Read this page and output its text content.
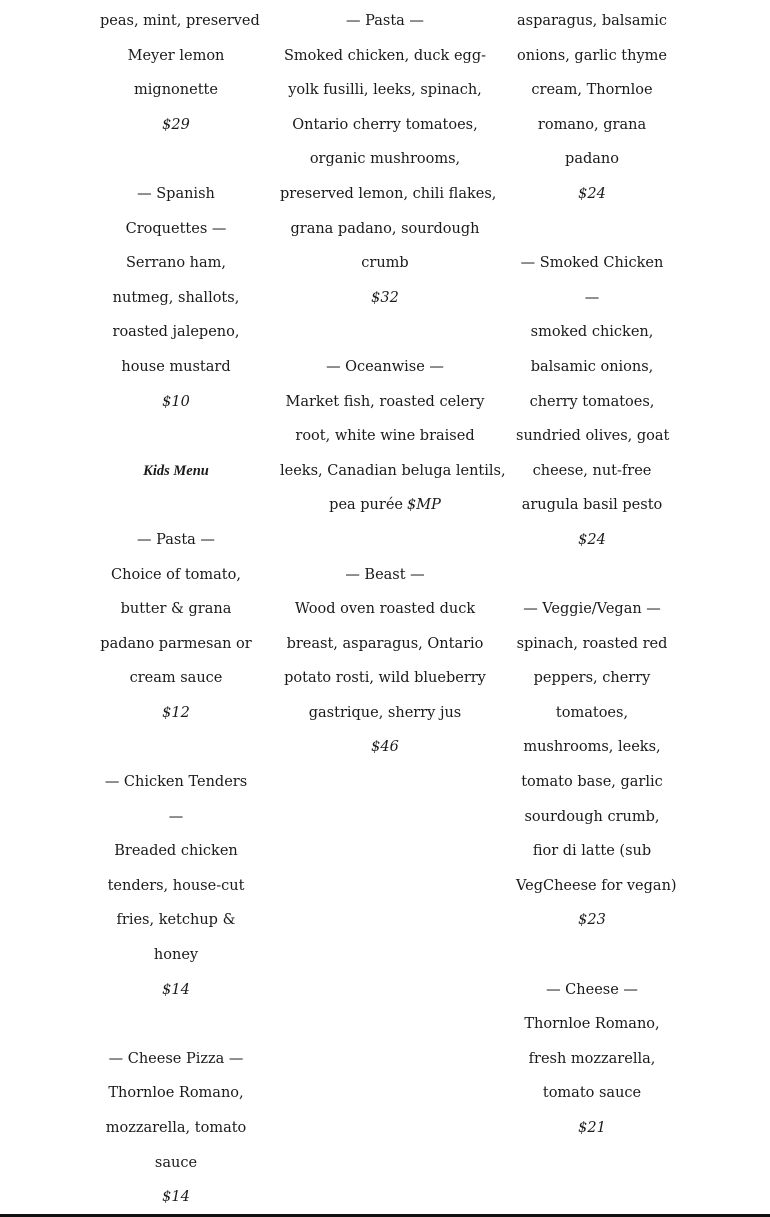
peas, mint, preserved
Meyer lemon
mignonette
$29
— Spanish
Croquettes —
Serrano ham,
nutmeg, shallots,
roasted jalepeno,
house mustard
$10
Kids Menu
— Pasta —
Choice of tomato,
butter & grana
padano parmesan or
cream sauce
$12
— Chicken Tenders
—
Breaded chicken
tenders, house-cut
fries, ketchup &
honey
$14
— Cheese Pizza —
Thornloe Romano,
mozzarella, tomato
sauce
$14
— Pasta —
Smoked chicken, duck egg-
yolk fusilli, leeks, spinach,
Ontario cherry tomatoes,
organic mushrooms,
preserved lemon, chili flakes,
grana padano, sourdough
crumb
$32
— Oceanwise —
Market fish, roasted celery
root, white wine braised
leeks, Canadian beluga lentils,
pea purée $MP
— Beast —
Wood oven roasted duck
breast, asparagus, Ontario
potato rosti, wild blueberry
gastrique, sherry jus
$46
asparagus, balsamic
onions, garlic thyme
cream, Thornloe
romano, grana
padano
$24
— Smoked Chicken
—
smoked chicken,
balsamic onions,
cherry tomatoes,
sundried olives, goat
cheese, nut-free
arugula basil pesto
$24
— Veggie/Vegan —
spinach, roasted red
peppers, cherry
tomatoes,
mushrooms, leeks,
tomato base, garlic
sourdough crumb,
fior di latte (sub
VegCheese for vegan)
$23
— Cheese —
Thornloe Romano,
fresh mozzarella,
tomato sauce
$21
